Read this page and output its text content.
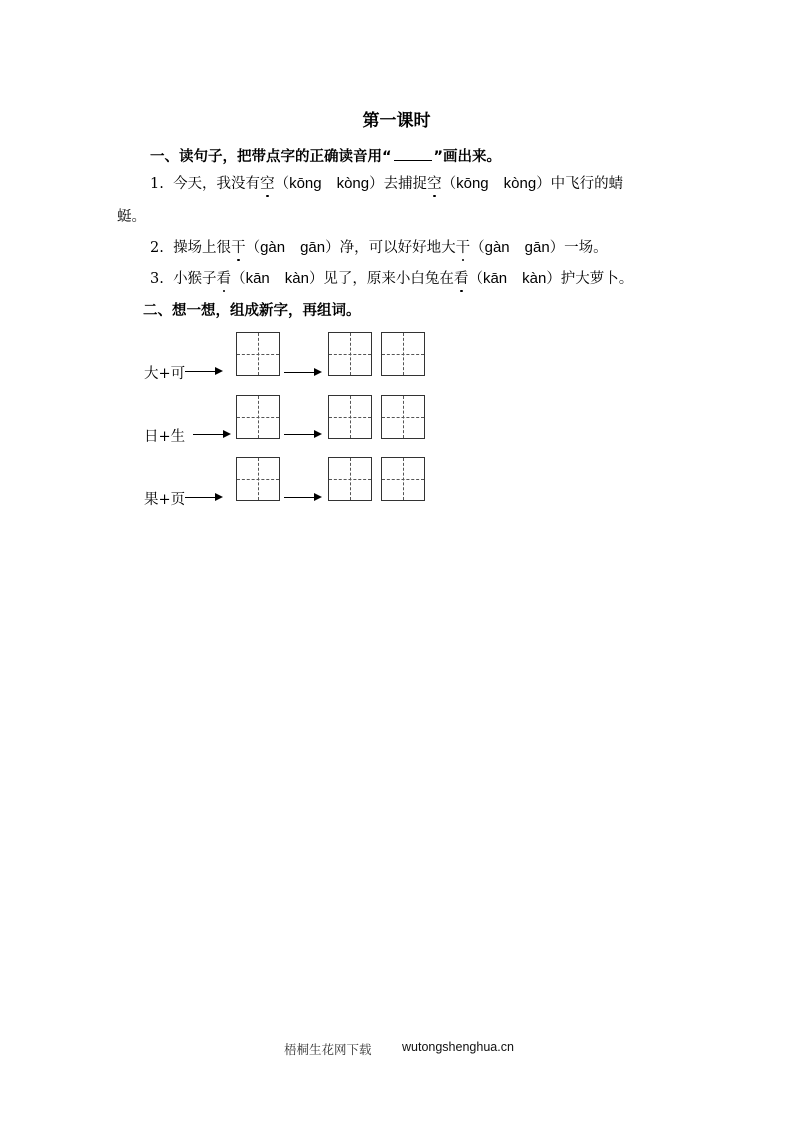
第一课时
一、读句子，把带点字的正确读音用“	”画出来。
1. 今天，我没有空（kōng　kòng）去捕捉空（kōng　kòng）中飞行的蜻
蜓。
2. 操场上很干（gàn　gān）净，可以好好地大干（gàn　gān）一场。
3. 小猴子看（kān　kàn）见了，原来小白兔在看（kān　kàn）护大萝卜。
二、想一想，组成新字，再组词。
大+可
日+生
果+页
梧桐生花网下载 wutongshenghua.cn
